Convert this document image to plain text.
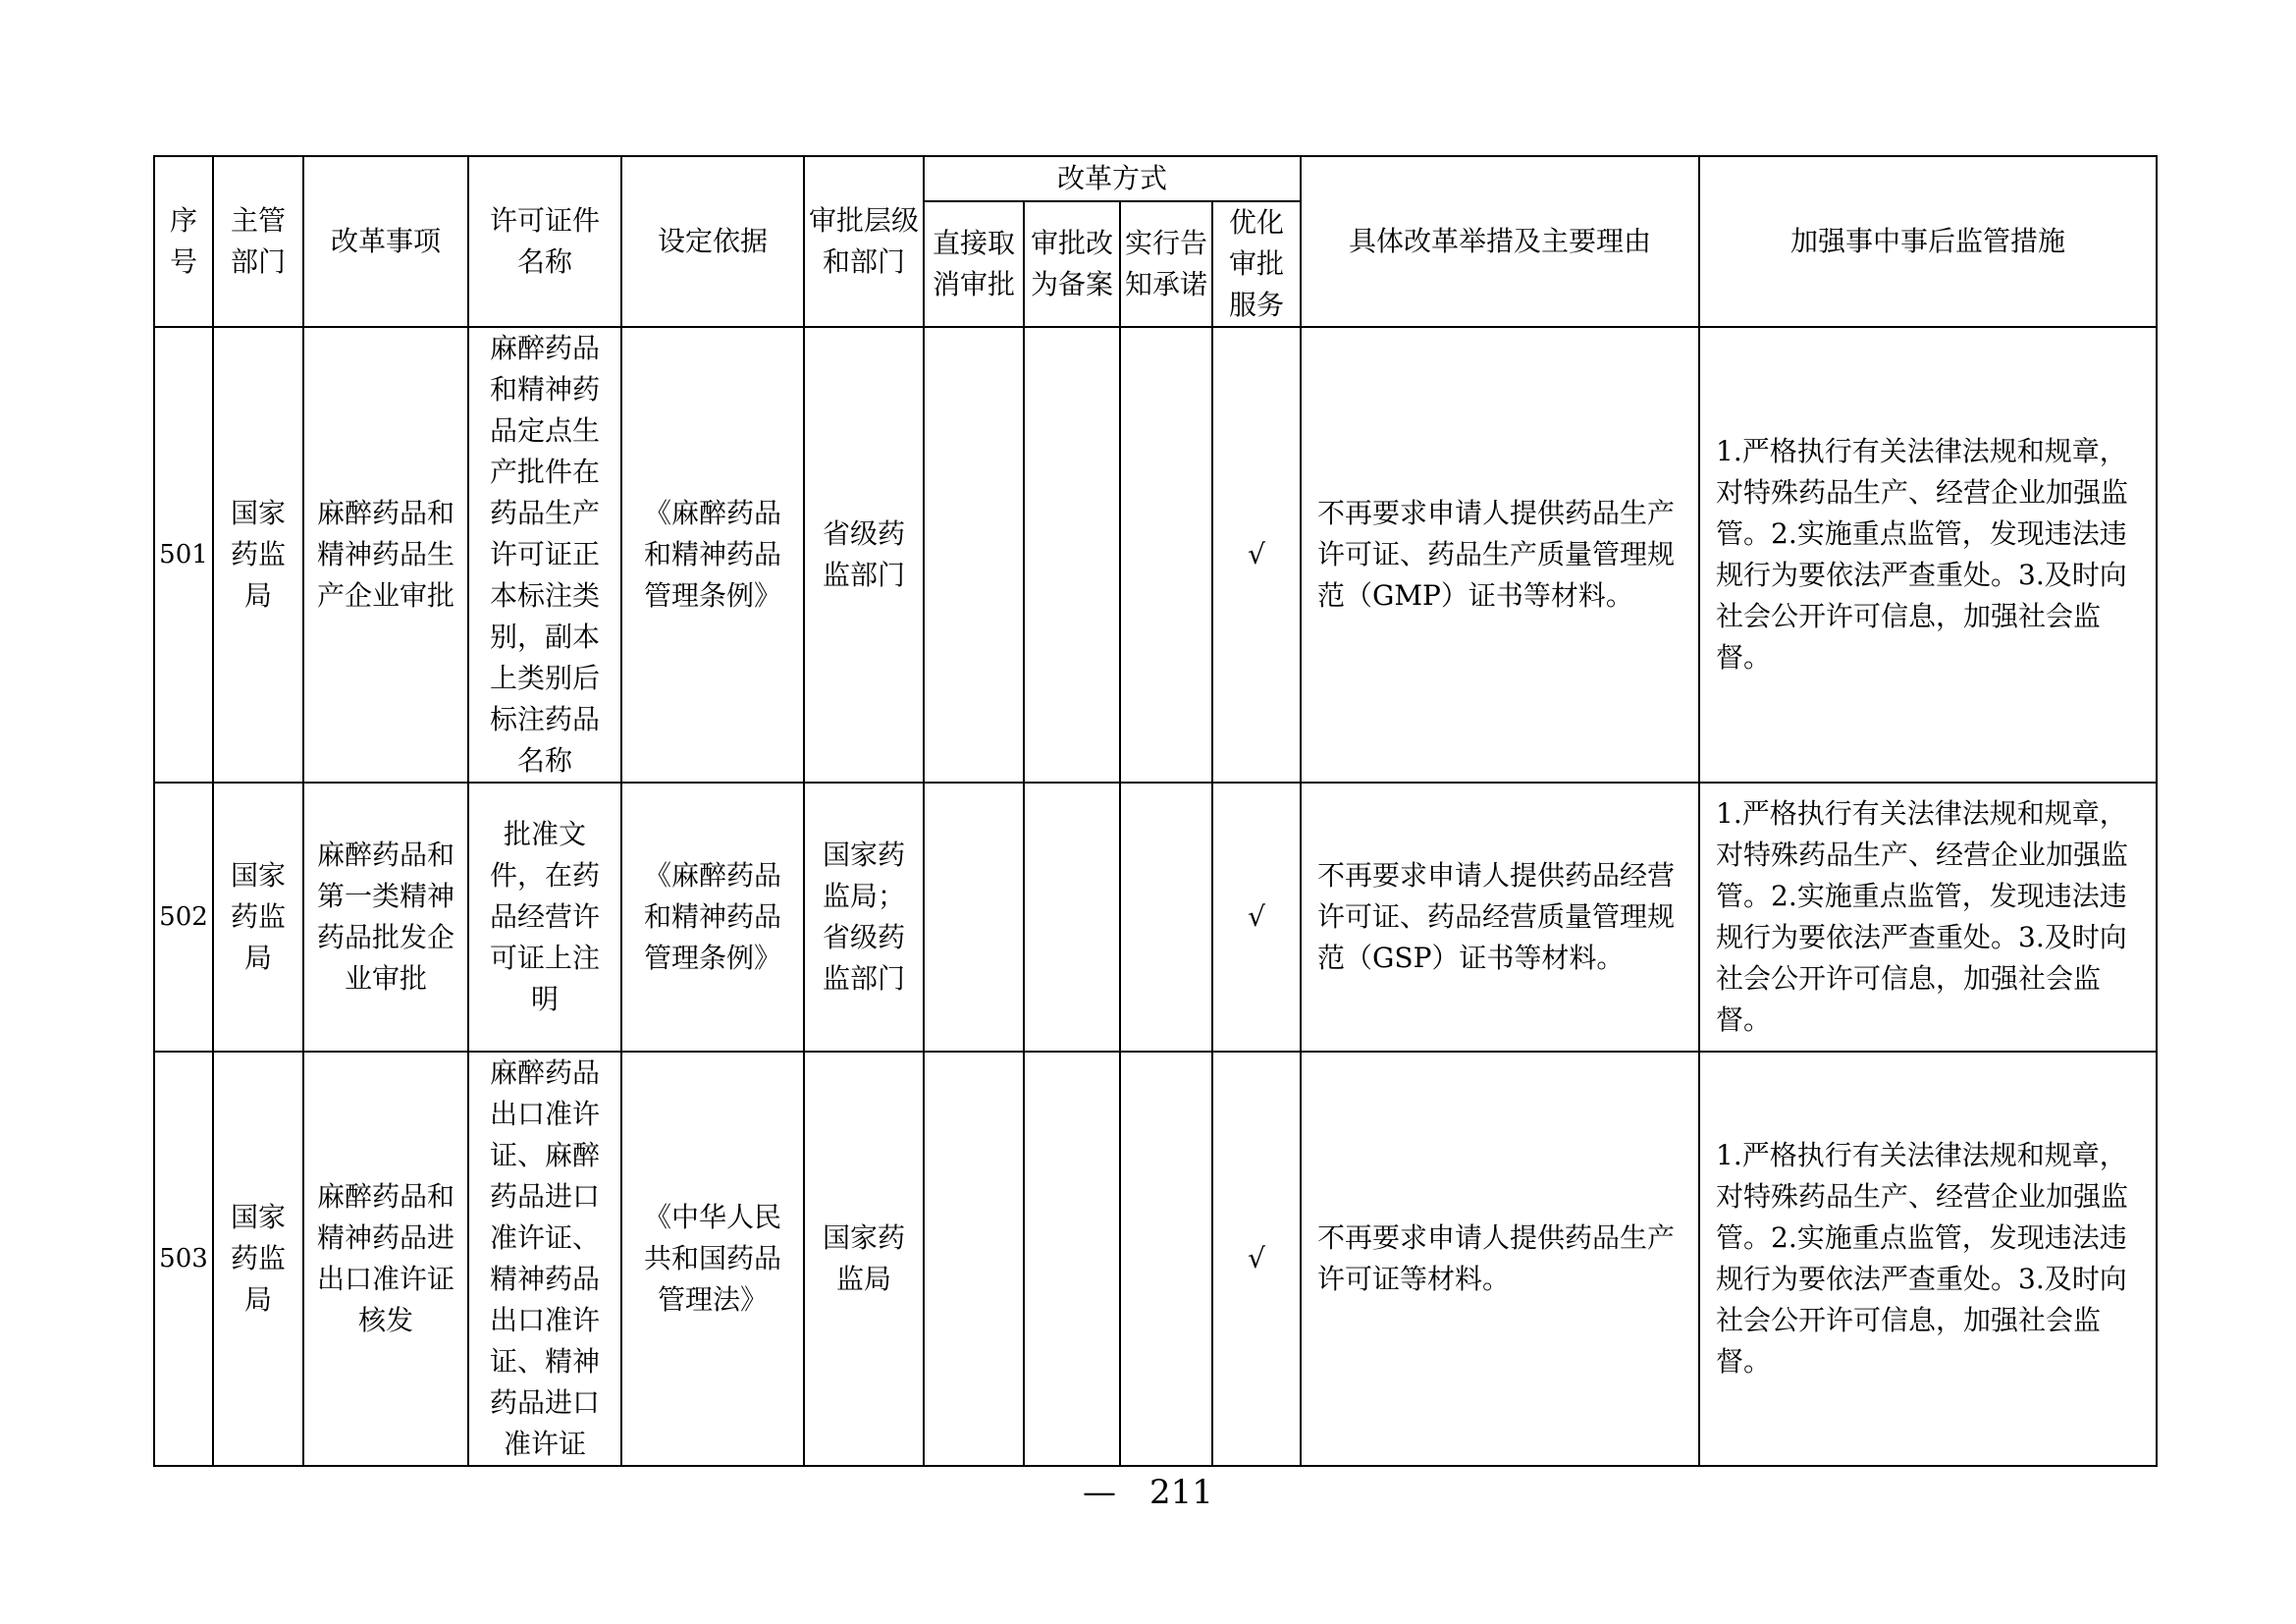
序号	主管部门	改革事项	许可证件名称	设定依据	审批层级和部门	改革方式				具体改革举措及主要理由	加强事中事后监管措施
						直接取消审批	审批改为备案	实行告知承诺	优化审批服务		
501	国家药监局	麻醉药品和精神药品生产企业审批	麻醉药品和精神药品定点生产批件在药品生产许可证正本标注类别，副本上类别后标注药品名称	《麻醉药品和精神药品管理条例》	省级药监部门				√	不再要求申请人提供药品生产许可证、药品生产质量管理规范（GMP）证书等材料。	1.严格执行有关法律法规和规章，对特殊药品生产、经营企业加强监管。2.实施重点监管，发现违法违规行为要依法严查重处。3.及时向社会公开许可信息，加强社会监督。
502	国家药监局	麻醉药品和第一类精神药品批发企业审批	批准文件，在药品经营许可证上注明	《麻醉药品和精神药品管理条例》	国家药监局；省级药监部门				√	不再要求申请人提供药品经营许可证、药品经营质量管理规范（GSP）证书等材料。	1.严格执行有关法律法规和规章，对特殊药品生产、经营企业加强监管。2.实施重点监管，发现违法违规行为要依法严查重处。3.及时向社会公开许可信息，加强社会监督。
503	国家药监局	麻醉药品和精神药品进出口准许证核发	麻醉药品出口准许证、麻醉药品进口准许证、精神药品出口准许证、精神药品进口准许证	《中华人民共和国药品管理法》	国家药监局				√	不再要求申请人提供药品生产许可证等材料。	1.严格执行有关法律法规和规章，对特殊药品生产、经营企业加强监管。2.实施重点监管，发现违法违规行为要依法严查重处。3.及时向社会公开许可信息，加强社会监督。
— 211
